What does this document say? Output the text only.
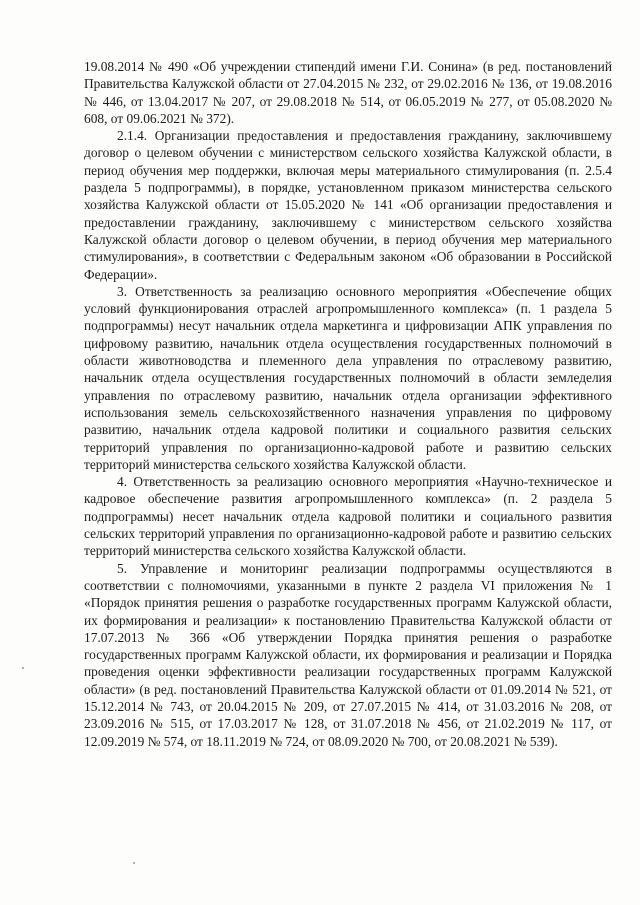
19.08.2014 № 490 «Об учреждении стипендий имени Г.И. Сонина» (в ред. постановлений Правительства Калужской области от 27.04.2015 № 232, от 29.02.2016 № 136, от 19.08.2016 № 446, от 13.04.2017 № 207, от 29.08.2018 № 514, от 06.05.2019 № 277, от 05.08.2020 № 608, от 09.06.2021 № 372).

2.1.4. Организации предоставления и предоставления гражданину, заключившему договор о целевом обучении с министерством сельского хозяйства Калужской области, в период обучения мер поддержки, включая меры материального стимулирования (п. 2.5.4 раздела 5 подпрограммы), в порядке, установленном приказом министерства сельского хозяйства Калужской области от 15.05.2020 № 141 «Об организации предоставления и предоставлении гражданину, заключившему с министерством сельского хозяйства Калужской области договор о целевом обучении, в период обучения мер материального стимулирования», в соответствии с Федеральным законом «Об образовании в Российской Федерации».

3. Ответственность за реализацию основного мероприятия «Обеспечение общих условий функционирования отраслей агропромышленного комплекса» (п. 1 раздела 5 подпрограммы) несут начальник отдела маркетинга и цифровизации АПК управления по цифровому развитию, начальник отдела осуществления государственных полномочий в области животноводства и племенного дела управления по отраслевому развитию, начальник отдела осуществления государственных полномочий в области земледелия управления по отраслевому развитию, начальник отдела организации эффективного использования земель сельскохозяйственного назначения управления по цифровому развитию, начальник отдела кадровой политики и социального развития сельских территорий управления по организационно-кадровой работе и развитию сельских территорий министерства сельского хозяйства Калужской области.

4. Ответственность за реализацию основного мероприятия «Научно-техническое и кадровое обеспечение развития агропромышленного комплекса» (п. 2 раздела 5 подпрограммы) несет начальник отдела кадровой политики и социального развития сельских территорий управления по организационно-кадровой работе и развитию сельских территорий министерства сельского хозяйства Калужской области.

5. Управление и мониторинг реализации подпрограммы осуществляются в соответствии с полномочиями, указанными в пункте 2 раздела VI приложения № 1 «Порядок принятия решения о разработке государственных программ Калужской области, их формирования и реализации» к постановлению Правительства Калужской области от 17.07.2013 № 366 «Об утверждении Порядка принятия решения о разработке государственных программ Калужской области, их формирования и реализации и Порядка проведения оценки эффективности реализации государственных программ Калужской области» (в ред. постановлений Правительства Калужской области от 01.09.2014 № 521, от 15.12.2014 № 743, от 20.04.2015 № 209, от 27.07.2015 № 414, от 31.03.2016 № 208, от 23.09.2016 № 515, от 17.03.2017 № 128, от 31.07.2018 № 456, от 21.02.2019 № 117, от 12.09.2019 № 574, от 18.11.2019 № 724, от 08.09.2020 № 700, от 20.08.2021 № 539).
